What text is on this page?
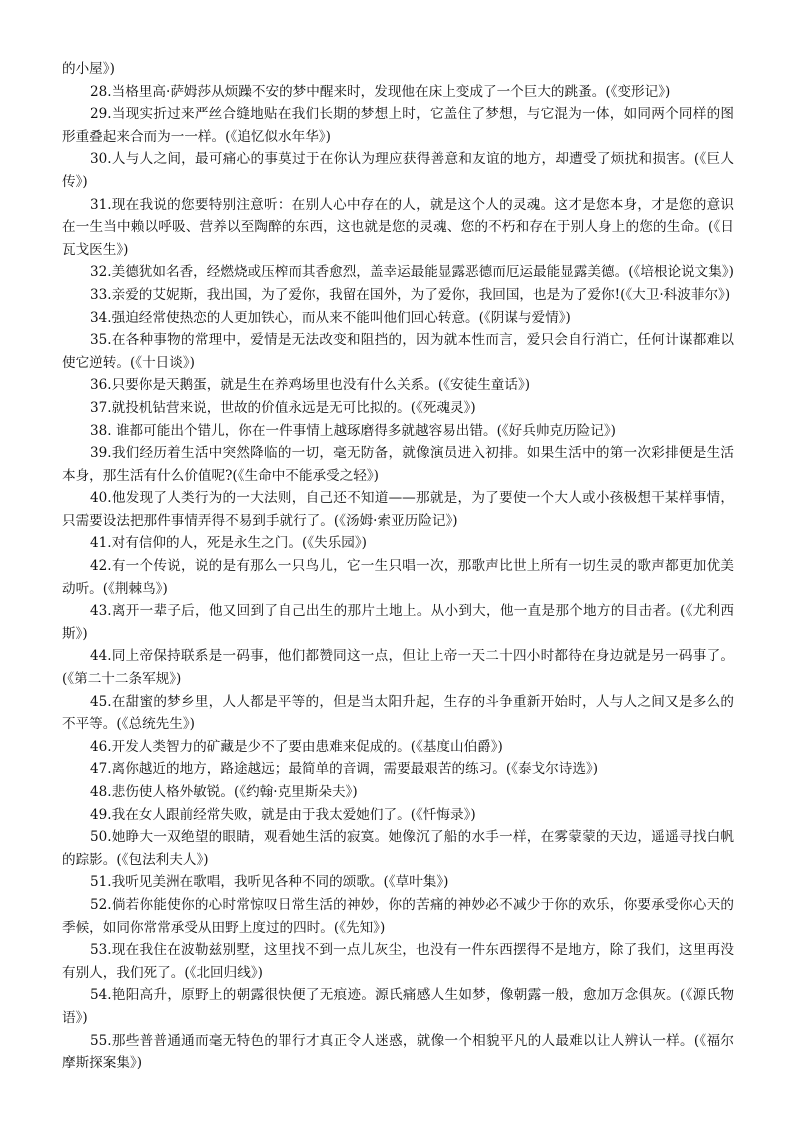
的小屋》)

28.当格里高·萨姆莎从烦躁不安的梦中醒来时，发现他在床上变成了一个巨大的跳蚤。(《变形记》)

29.当现实折过来严丝合缝地贴在我们长期的梦想上时，它盖住了梦想，与它混为一体，如同两个同样的图形重叠起来合而为一一样。(《追忆似水年华》)

30.人与人之间，最可痛心的事莫过于在你认为理应获得善意和友谊的地方，却遭受了烦扰和损害。(《巨人传》)

31.现在我说的您要特别注意听：在别人心中存在的人，就是这个人的灵魂。这才是您本身，才是您的意识在一生当中赖以呼吸、营养以至陶醉的东西，这也就是您的灵魂、您的不朽和存在于别人身上的您的生命。(《日瓦戈医生》)

32.美德犹如名香，经燃烧或压榨而其香愈烈，盖幸运最能显露恶德而厄运最能显露美德。(《培根论说文集》)

33.亲爱的艾妮斯，我出国，为了爱你，我留在国外，为了爱你，我回国，也是为了爱你!(《大卫·科波菲尔》)

34.强迫经常使热恋的人更加铁心，而从来不能叫他们回心转意。(《阴谋与爱情》)

35.在各种事物的常理中，爱情是无法改变和阻挡的，因为就本性而言，爱只会自行消亡，任何计谋都难以使它逆转。(《十日谈》)

36.只要你是天鹅蛋，就是生在养鸡场里也没有什么关系。(《安徒生童话》)

37.就投机钻营来说，世故的价值永远是无可比拟的。(《死魂灵》)

38. 谁都可能出个错儿，你在一件事情上越琢磨得多就越容易出错。(《好兵帅克历险记》)

39.我们经历着生活中突然降临的一切，毫无防备，就像演员进入初排。如果生活中的第一次彩排便是生活本身，那生活有什么价值呢?(《生命中不能承受之轻》)

40.他发现了人类行为的一大法则，自己还不知道——那就是，为了要使一个大人或小孩极想干某样事情，只需要设法把那件事情弄得不易到手就行了。(《汤姆·索亚历险记》)

41.对有信仰的人，死是永生之门。(《失乐园》)

42.有一个传说，说的是有那么一只鸟儿，它一生只唱一次，那歌声比世上所有一切生灵的歌声都更加优美动听。(《荆棘鸟》)

43.离开一辈子后，他又回到了自己出生的那片土地上。从小到大，他一直是那个地方的目击者。(《尤利西斯》)

44.同上帝保持联系是一码事，他们都赞同这一点，但让上帝一天二十四小时都待在身边就是另一码事了。(《第二十二条军规》)

45.在甜蜜的梦乡里，人人都是平等的，但是当太阳升起，生存的斗争重新开始时，人与人之间又是多么的不平等。(《总统先生》)

46.开发人类智力的矿藏是少不了要由患难来促成的。(《基度山伯爵》)

47.离你越近的地方，路途越远；最简单的音调，需要最艰苦的练习。(《泰戈尔诗选》)

48.悲伤使人格外敏锐。(《约翰·克里斯朵夫》)

49.我在女人跟前经常失败，就是由于我太爱她们了。(《忏悔录》)

50.她睁大一双绝望的眼睛，观看她生活的寂寞。她像沉了船的水手一样，在雾蒙蒙的天边，遥遥寻找白帆的踪影。(《包法利夫人》)

51.我听见美洲在歌唱，我听见各种不同的颂歌。(《草叶集》)

52.倘若你能使你的心时常惊叹日常生活的神妙，你的苦痛的神妙必不减少于你的欢乐，你要承受你心天的季候，如同你常常承受从田野上度过的四时。(《先知》)

53.现在我住在波勒兹别墅，这里找不到一点儿灰尘，也没有一件东西摆得不是地方，除了我们，这里再没有别人，我们死了。(《北回归线》)

54.艳阳高升，原野上的朝露很快便了无痕迹。源氏痛感人生如梦，像朝露一般，愈加万念俱灰。(《源氏物语》)

55.那些普普通通而毫无特色的罪行才真正令人迷惑，就像一个相貌平凡的人最难以让人辨认一样。(《福尔摩斯探案集》)
